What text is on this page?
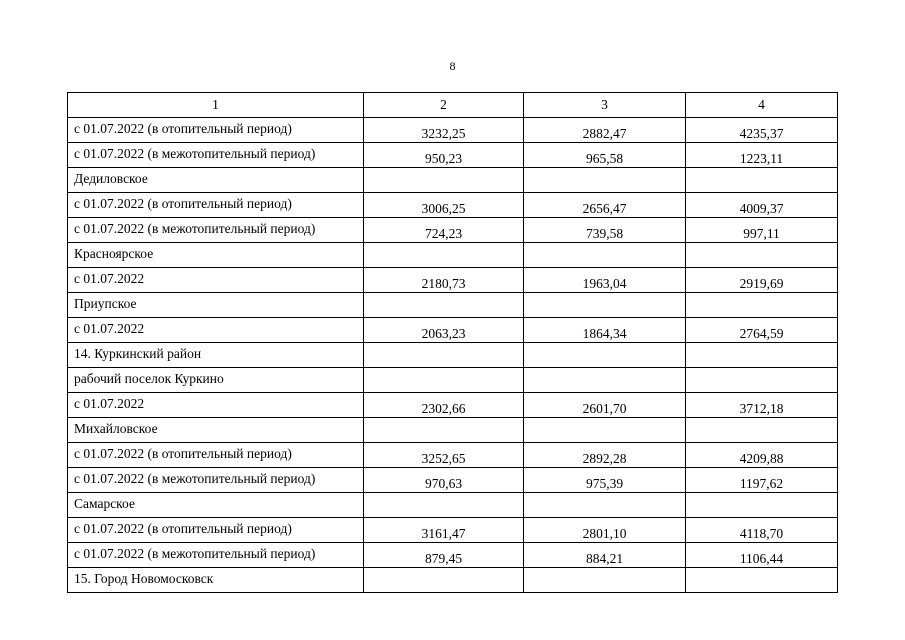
8
1	2	3	4
с 01.07.2022 (в отопительный период)	3232,25	2882,47	4235,37
с 01.07.2022 (в межотопительный период)	950,23	965,58	1223,11
Дедиловское			
с 01.07.2022 (в отопительный период)	3006,25	2656,47	4009,37
с 01.07.2022 (в межотопительный период)	724,23	739,58	997,11
Красноярское			
с 01.07.2022	2180,73	1963,04	2919,69
Приупское			
с 01.07.2022	2063,23	1864,34	2764,59
14. Куркинский район			
рабочий поселок Куркино			
с 01.07.2022	2302,66	2601,70	3712,18
Михайловское			
с 01.07.2022 (в отопительный период)	3252,65	2892,28	4209,88
с 01.07.2022 (в межотопительный период)	970,63	975,39	1197,62
Самарское			
с 01.07.2022 (в отопительный период)	3161,47	2801,10	4118,70
с 01.07.2022 (в межотопительный период)	879,45	884,21	1106,44
15. Город Новомосковск			
